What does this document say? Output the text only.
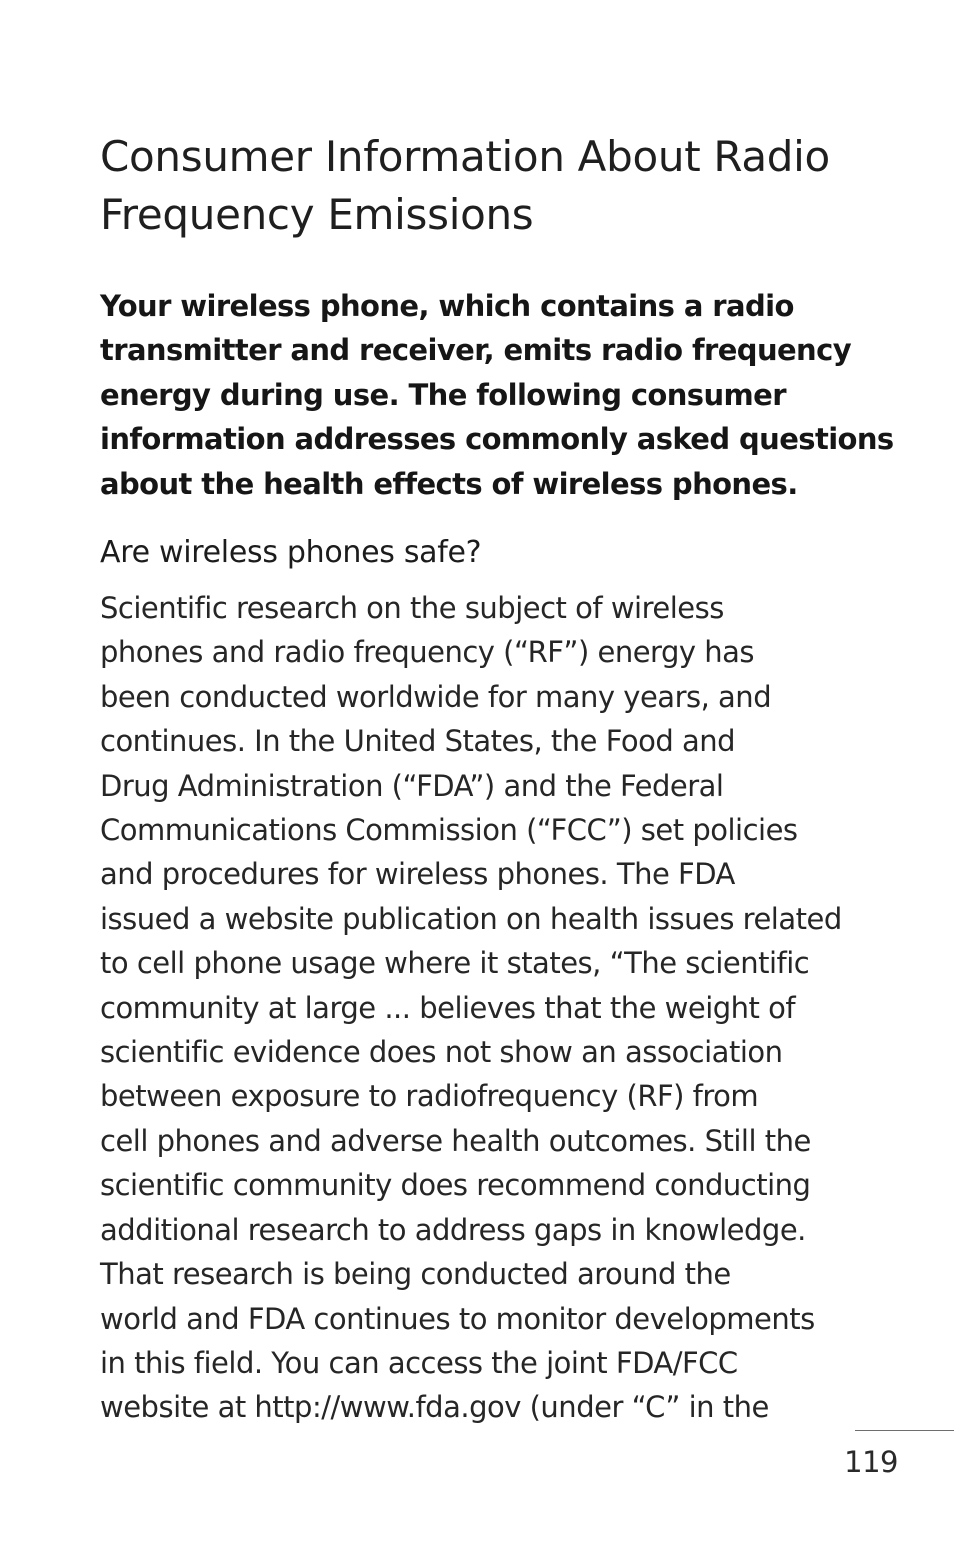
Consumer Information About Radio
Frequency Emissions

Your wireless phone, which contains a radio
transmitter and receiver, emits radio frequency
energy during use. The following consumer
information addresses commonly asked questions
about the health effects of wireless phones.

Are wireless phones safe?

Scientific research on the subject of wireless
phones and radio frequency (“RF”) energy has
been conducted worldwide for many years, and
continues. In the United States, the Food and
Drug Administration (“FDA”) and the Federal
Communications Commission (“FCC”) set policies
and procedures for wireless phones. The FDA
issued a website publication on health issues related
to cell phone usage where it states, “The scientific
community at large ... believes that the weight of
scientific evidence does not show an association
between exposure to radiofrequency (RF) from
cell phones and adverse health outcomes. Still the
scientific community does recommend conducting
additional research to address gaps in knowledge.
That research is being conducted around the
world and FDA continues to monitor developments
in this field. You can access the joint FDA/FCC
website at http://www.fda.gov (under “C” in the

119
